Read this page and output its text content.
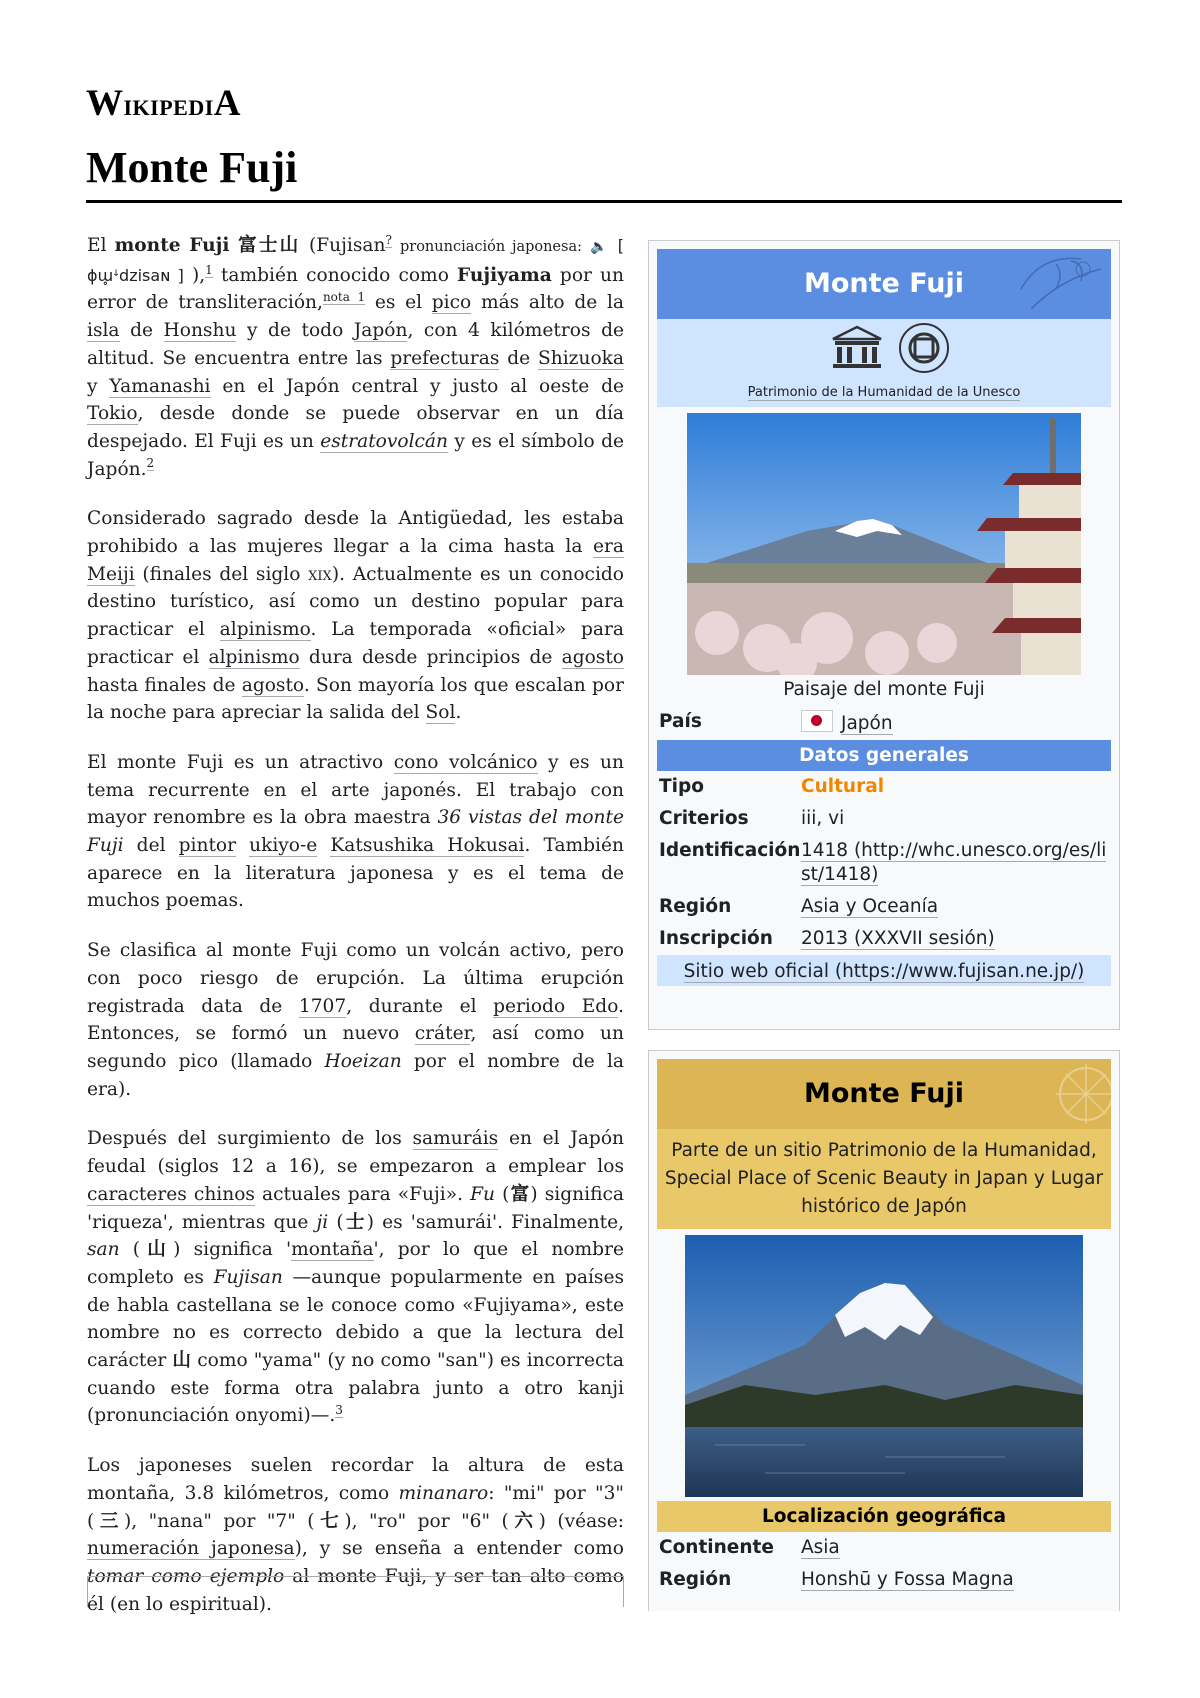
WikipediA
Monte Fuji

El monte Fuji 富士山 (Fujisan? pronunciación japonesa: 🔈 [ ɸɯ̥ꜜdzisaɴ ] ),$^1$ también conocido como Fujiyama por un error de transliteración,$^{nota 1}$ es el pico más alto de la isla de Honshu y de todo Japón, con 4 kilómetros de altitud. Se encuentra entre las prefecturas de Shizuoka y Yamanashi en el Japón central y justo al oeste de Tokio, desde donde se puede observar en un día despejado. El Fuji es un estratovolcán y es el símbolo de Japón.$^2$

Considerado sagrado desde la Antigüedad, les estaba prohibido a las mujeres llegar a la cima hasta la era Meiji (finales del siglo xix). Actualmente es un conocido destino turístico, así como un destino popular para practicar el alpinismo. La temporada «oficial» para practicar el alpinismo dura desde principios de agosto hasta finales de agosto. Son mayoría los que escalan por la noche para apreciar la salida del Sol.

El monte Fuji es un atractivo cono volcánico y es un tema recurrente en el arte japonés. El trabajo con mayor renombre es la obra maestra 36 vistas del monte Fuji del pintor ukiyo-e Katsushika Hokusai. También aparece en la literatura japonesa y es el tema de muchos poemas.

Se clasifica al monte Fuji como un volcán activo, pero con poco riesgo de erupción. La última erupción registrada data de 1707, durante el periodo Edo. Entonces, se formó un nuevo cráter, así como un segundo pico (llamado Hoeizan por el nombre de la era).

Después del surgimiento de los samuráis en el Japón feudal (siglos 12 a 16), se empezaron a emplear los caracteres chinos actuales para «Fuji». Fu (富) significa 'riqueza', mientras que ji (士) es 'samurái'. Finalmente, san (山) significa 'montaña', por lo que el nombre completo es Fujisan —aunque popularmente en países de habla castellana se le conoce como «Fujiyama», este nombre no es correcto debido a que la lectura del carácter 山 como "yama" (y no como "san") es incorrecta cuando este forma otra palabra junto a otro kanji (pronunciación onyomi)—.$^3$

Los japoneses suelen recordar la altura de esta montaña, 3.8 kilómetros, como minanaro: "mi" por "3" (三), "nana" por "7" (七), "ro" por "6" (六) (véase: numeración japonesa), y se enseña a entender como tomar como ejemplo al monte Fuji, y ser tan alto como él (en lo espiritual).

Monte Fuji
Patrimonio de la Humanidad de la Unesco
Paisaje del monte Fuji
País	Japón
Datos generales
Tipo	Cultural
Criterios	iii, vi
Identificación 1418 (http://whc.unesco.org/es/list/1418)
Región	Asia y Oceanía
Inscripción	2013 (XXXVII sesión)
Sitio web oficial (https://www.fujisan.ne.jp/)
Monte Fuji
Parte de un sitio Patrimonio de la Humanidad, Special Place of Scenic Beauty in Japan y Lugar histórico de Japón
Localización geográfica
Continente	Asia
Región	Honshū y Fossa Magna
